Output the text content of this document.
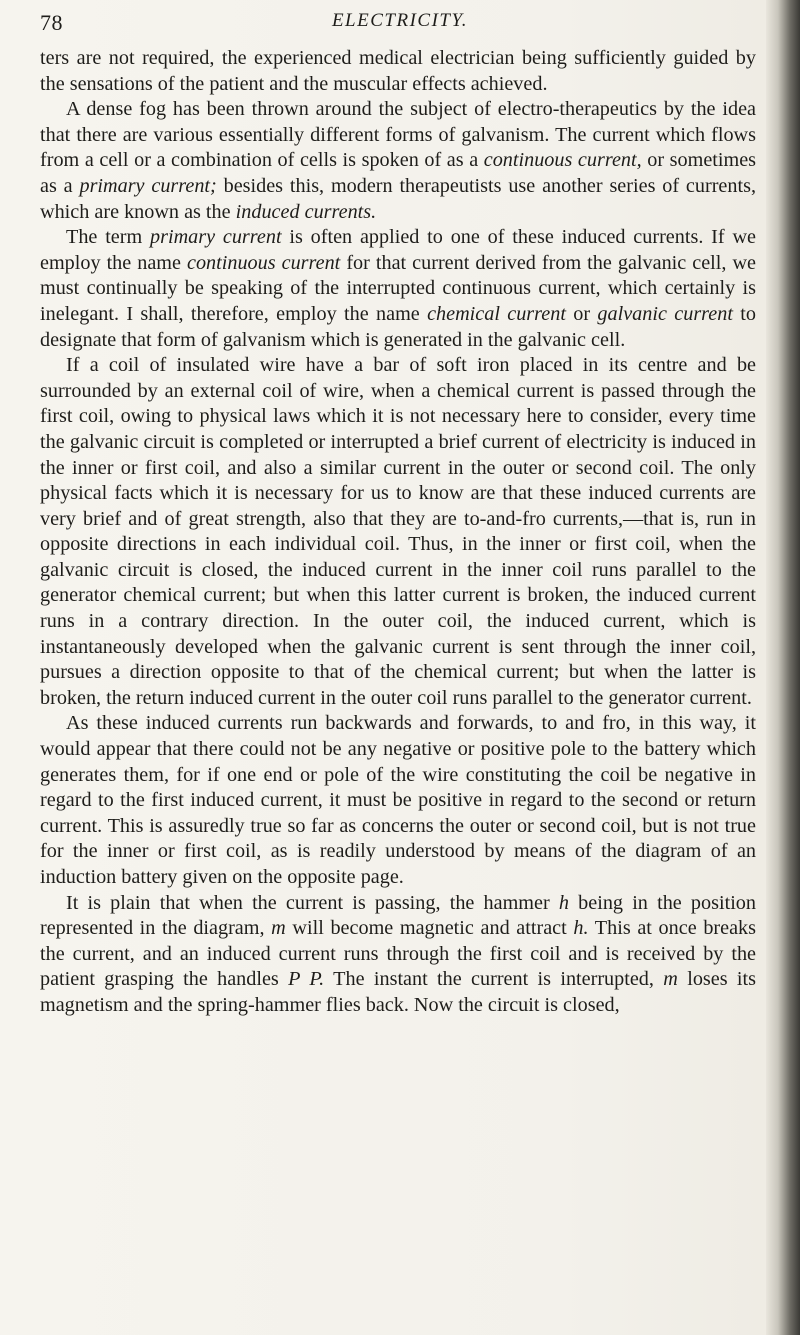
78	ELECTRICITY.

ters are not required, the experienced medical electrician being sufficiently guided by the sensations of the patient and the muscular effects achieved.

A dense fog has been thrown around the subject of electro-therapeutics by the idea that there are various essentially different forms of galvanism. The current which flows from a cell or a combination of cells is spoken of as a continuous current, or sometimes as a primary current; besides this, modern therapeutists use another series of currents, which are known as the induced currents.

The term primary current is often applied to one of these induced currents. If we employ the name continuous current for that current derived from the galvanic cell, we must continually be speaking of the interrupted continuous current, which certainly is inelegant. I shall, therefore, employ the name chemical current or galvanic current to designate that form of galvanism which is generated in the galvanic cell.

If a coil of insulated wire have a bar of soft iron placed in its centre and be surrounded by an external coil of wire, when a chemical current is passed through the first coil, owing to physical laws which it is not necessary here to consider, every time the galvanic circuit is completed or interrupted a brief current of electricity is induced in the inner or first coil, and also a similar current in the outer or second coil. The only physical facts which it is necessary for us to know are that these induced currents are very brief and of great strength, also that they are to-and-fro currents,—that is, run in opposite directions in each individual coil. Thus, in the inner or first coil, when the galvanic circuit is closed, the induced current in the inner coil runs parallel to the generator chemical current; but when this latter current is broken, the induced current runs in a contrary direction. In the outer coil, the induced current, which is instantaneously developed when the galvanic current is sent through the inner coil, pursues a direction opposite to that of the chemical current; but when the latter is broken, the return induced current in the outer coil runs parallel to the generator current.

As these induced currents run backwards and forwards, to and fro, in this way, it would appear that there could not be any negative or positive pole to the battery which generates them, for if one end or pole of the wire constituting the coil be negative in regard to the first induced current, it must be positive in regard to the second or return current. This is assuredly true so far as concerns the outer or second coil, but is not true for the inner or first coil, as is readily understood by means of the diagram of an induction battery given on the opposite page.

It is plain that when the current is passing, the hammer h being in the position represented in the diagram, m will become magnetic and attract h. This at once breaks the current, and an induced current runs through the first coil and is received by the patient grasping the handles P P. The instant the current is interrupted, m loses its magnetism and the spring-hammer flies back. Now the circuit is closed,
